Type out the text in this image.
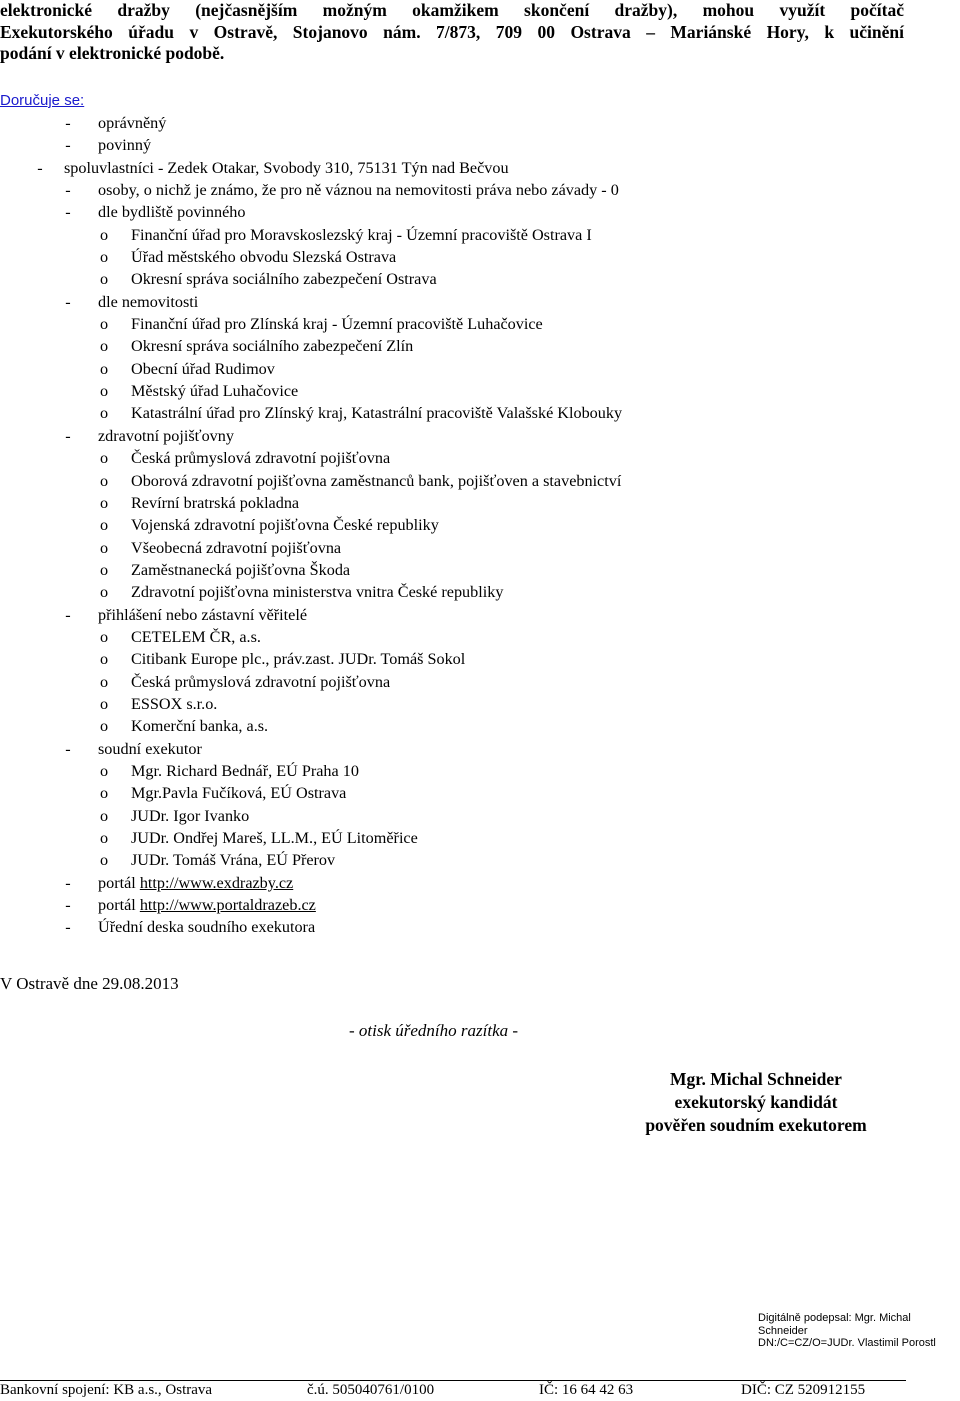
elektronické dražby (nejčasnějším možným okamžikem skončení dražby), mohou využít počítač
Exekutorského úřadu v Ostravě, Stojanovo nám. 7/873, 709 00 Ostrava – Mariánské Hory, k učinění
podání v elektronické podobě.
Doručuje se:
- oprávněný
- povinný
- spoluvlastníci - Zedek Otakar, Svobody 310, 75131 Týn nad Bečvou
- osoby, o nichž je známo, že pro ně váznou na nemovitosti práva nebo závady - 0
- dle bydliště povinného
o Finanční úřad pro Moravskoslezský kraj - Územní pracoviště Ostrava I
o Úřad městského obvodu Slezská Ostrava
o Okresní správa sociálního zabezpečení Ostrava
- dle nemovitosti
o Finanční úřad pro Zlínská kraj - Územní pracoviště Luhačovice
o Okresní správa sociálního zabezpečení Zlín
o Obecní úřad Rudimov
o Městský úřad Luhačovice
o Katastrální úřad pro Zlínský kraj, Katastrální pracoviště Valašské Klobouky
- zdravotní pojišťovny
o Česká průmyslová zdravotní pojišťovna
o Oborová zdravotní pojišťovna zaměstnanců bank, pojišťoven a stavebnictví
o Revírní bratrská pokladna
o Vojenská zdravotní pojišťovna České republiky
o Všeobecná zdravotní pojišťovna
o Zaměstnanecká pojišťovna Škoda
o Zdravotní pojišťovna ministerstva vnitra České republiky
- přihlášení nebo zástavní věřitelé
o CETELEM ČR, a.s.
o Citibank Europe plc., práv.zast. JUDr. Tomáš Sokol
o Česká průmyslová zdravotní pojišťovna
o ESSOX s.r.o.
o Komerční banka, a.s.
- soudní exekutor
o Mgr. Richard Bednář, EÚ Praha 10
o Mgr.Pavla Fučíková, EÚ Ostrava
o JUDr. Igor Ivanko
o JUDr. Ondřej Mareš, LL.M., EÚ Litoměřice
o JUDr. Tomáš Vrána, EÚ Přerov
- portál http://www.exdrazby.cz
- portál http://www.portaldrazeb.cz
- Úřední deska soudního exekutora
V Ostravě dne 29.08.2013
- otisk úředního razítka -
Mgr. Michal Schneider
exekutorský kandidát
pověřen soudním exekutorem
Digitálně podepsal: Mgr. Michal Schneider
DN:/C=CZ/O=JUDr. Vlastimil Porostl
Bankovní spojení: KB a.s., Ostrava	č.ú. 505040761/0100	IČ: 16 64 42 63	DIČ: CZ 520912155
